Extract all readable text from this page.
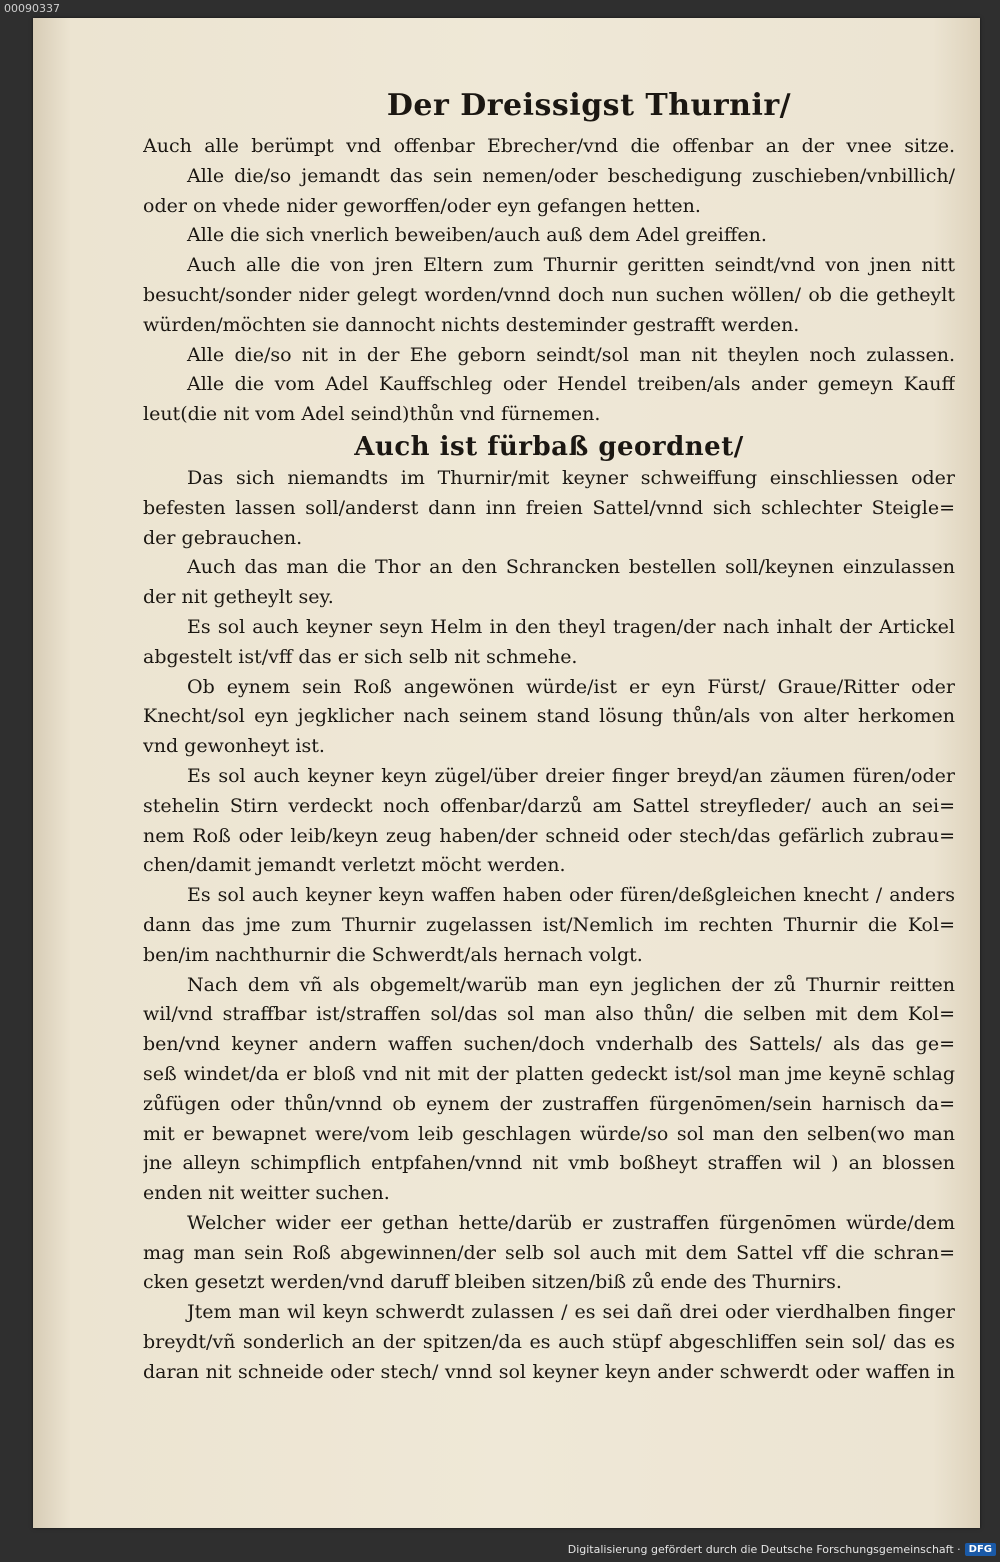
00090337
Der Dreissigst Thurnir/
Auch alle berümpt vnd offenbar Ebrecher/vnd die offenbar an der vnee sitze.
Alle die/so jemandt das sein nemen/oder beschedigung zuschieben/vnbillich/
oder on vhede nider geworffen/oder eyn gefangen hetten.
Alle die sich vnerlich beweiben/auch auß dem Adel greiffen.
Auch alle die von jren Eltern zum Thurnir geritten seindt/vnd von jnen nitt
besucht/sonder nider gelegt worden/vnnd doch nun suchen wöllen/ ob die getheylt
würden/möchten sie dannocht nichts desteminder gestrafft werden.
Alle die/so nit in der Ehe geborn seindt/sol man nit theylen noch zulassen.
Alle die vom Adel Kauffschleg oder Hendel treiben/als ander gemeyn Kauff
leut(die nit vom Adel seind)thůn vnd fürnemen.
Auch ist fürbaß geordnet/
Das sich niemandts im Thurnir/mit keyner schweiffung einschliessen oder
befesten lassen soll/anderst dann inn freien Sattel/vnnd sich schlechter Steigle=
der gebrauchen.
Auch das man die Thor an den Schrancken bestellen soll/keynen einzulassen
der nit getheylt sey.
Es sol auch keyner seyn Helm in den theyl tragen/der nach inhalt der Artickel
abgestelt ist/vff das er sich selb nit schmehe.
Ob eynem sein Roß angewönen würde/ist er eyn Fürst/ Graue/Ritter oder
Knecht/sol eyn jegklicher nach seinem stand lösung thůn/als von alter herkomen
vnd gewonheyt ist.
Es sol auch keyner keyn zügel/über dreier finger breyd/an zäumen füren/oder
stehelin Stirn verdeckt noch offenbar/darzů am Sattel streyfleder/ auch an sei=
nem Roß oder leib/keyn zeug haben/der schneid oder stech/das gefärlich zubrau=
chen/damit jemandt verletzt möcht werden.
Es sol auch keyner keyn waffen haben oder füren/deßgleichen knecht / anders
dann das jme zum Thurnir zugelassen ist/Nemlich im rechten Thurnir die Kol=
ben/im nachthurnir die Schwerdt/als hernach volgt.
Nach dem vñ als obgemelt/warüb man eyn jeglichen der zů Thurnir reitten
wil/vnd straffbar ist/straffen sol/das sol man also thůn/ die selben mit dem Kol=
ben/vnd keyner andern waffen suchen/doch vnderhalb des Sattels/ als das ge=
seß windet/da er bloß vnd nit mit der platten gedeckt ist/sol man jme keynē schlag
zůfügen oder thůn/vnnd ob eynem der zustraffen fürgenōmen/sein harnisch da=
mit er bewapnet were/vom leib geschlagen würde/so sol man den selben(wo man
jne alleyn schimpflich entpfahen/vnnd nit vmb boßheyt straffen wil ) an blossen
enden nit weitter suchen.
Welcher wider eer gethan hette/darüb er zustraffen fürgenōmen würde/dem
mag man sein Roß abgewinnen/der selb sol auch mit dem Sattel vff die schran=
cken gesetzt werden/vnd daruff bleiben sitzen/biß zů ende des Thurnirs.
Jtem man wil keyn schwerdt zulassen / es sei dañ drei oder vierdhalben finger
breydt/vñ sonderlich an der spitzen/da es auch stüpf abgeschliffen sein sol/ das es
daran nit schneide oder stech/ vnnd sol keyner keyn ander schwerdt oder waffen in
Digitalisierung gefördert durch die Deutsche Forschungsgemeinschaft · DFG
